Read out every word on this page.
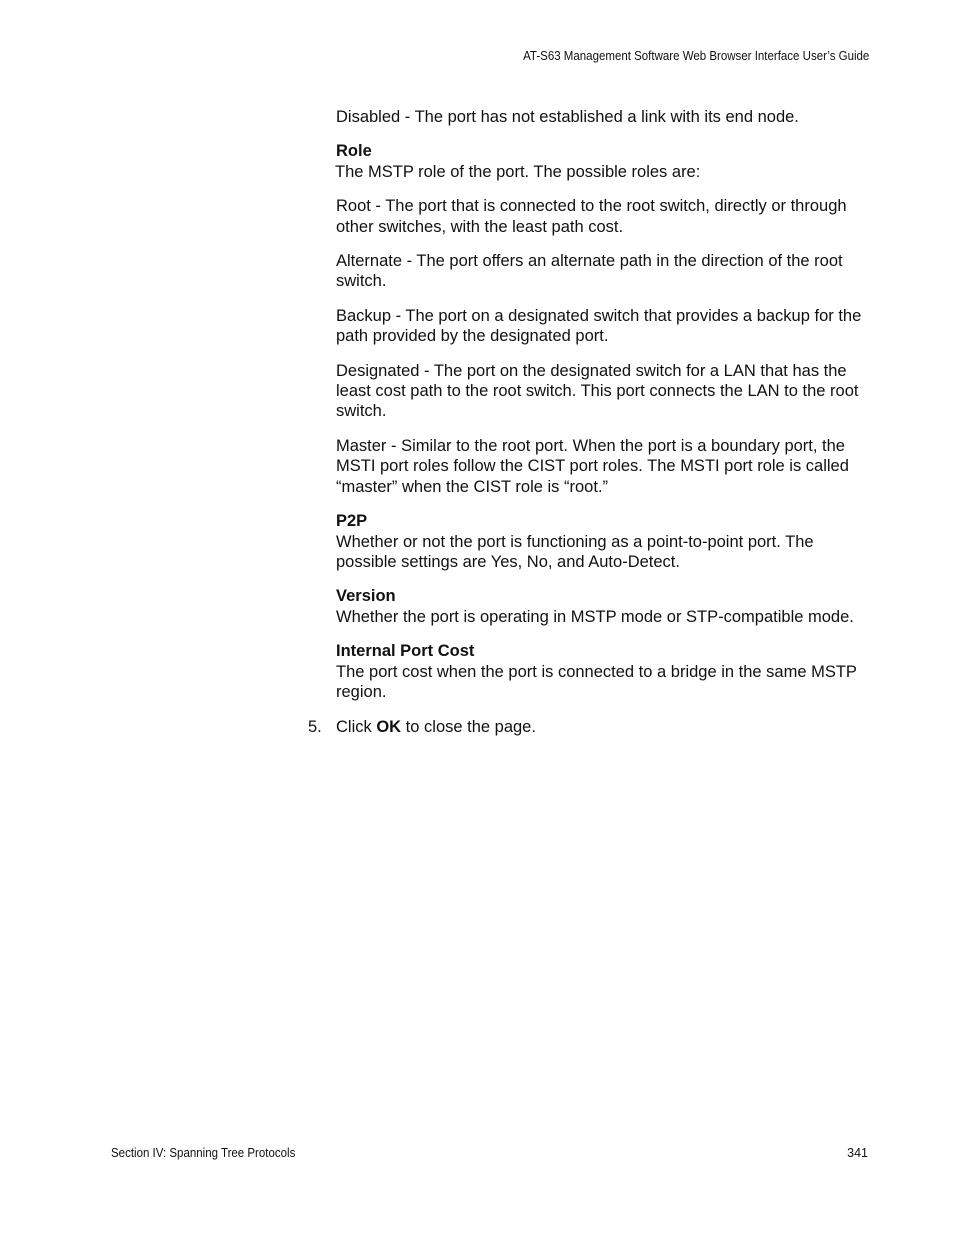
AT-S63 Management Software Web Browser Interface User’s Guide

Disabled - The port has not established a link with its end node.

Role

The MSTP role of the port. The possible roles are:

Root - The port that is connected to the root switch, directly or through other switches, with the least path cost.

Alternate - The port offers an alternate path in the direction of the root switch.

Backup - The port on a designated switch that provides a backup for the path provided by the designated port.

Designated - The port on the designated switch for a LAN that has the least cost path to the root switch. This port connects the LAN to the root switch.

Master - Similar to the root port. When the port is a boundary port, the MSTI port roles follow the CIST port roles. The MSTI port role is called “master” when the CIST role is “root.”

P2P

Whether or not the port is functioning as a point-to-point port. The possible settings are Yes, No, and Auto-Detect.

Version

Whether the port is operating in MSTP mode or STP-compatible mode.

Internal Port Cost

The port cost when the port is connected to a bridge in the same MSTP region.

5. Click OK to close the page.
Section IV: Spanning Tree Protocols	341
